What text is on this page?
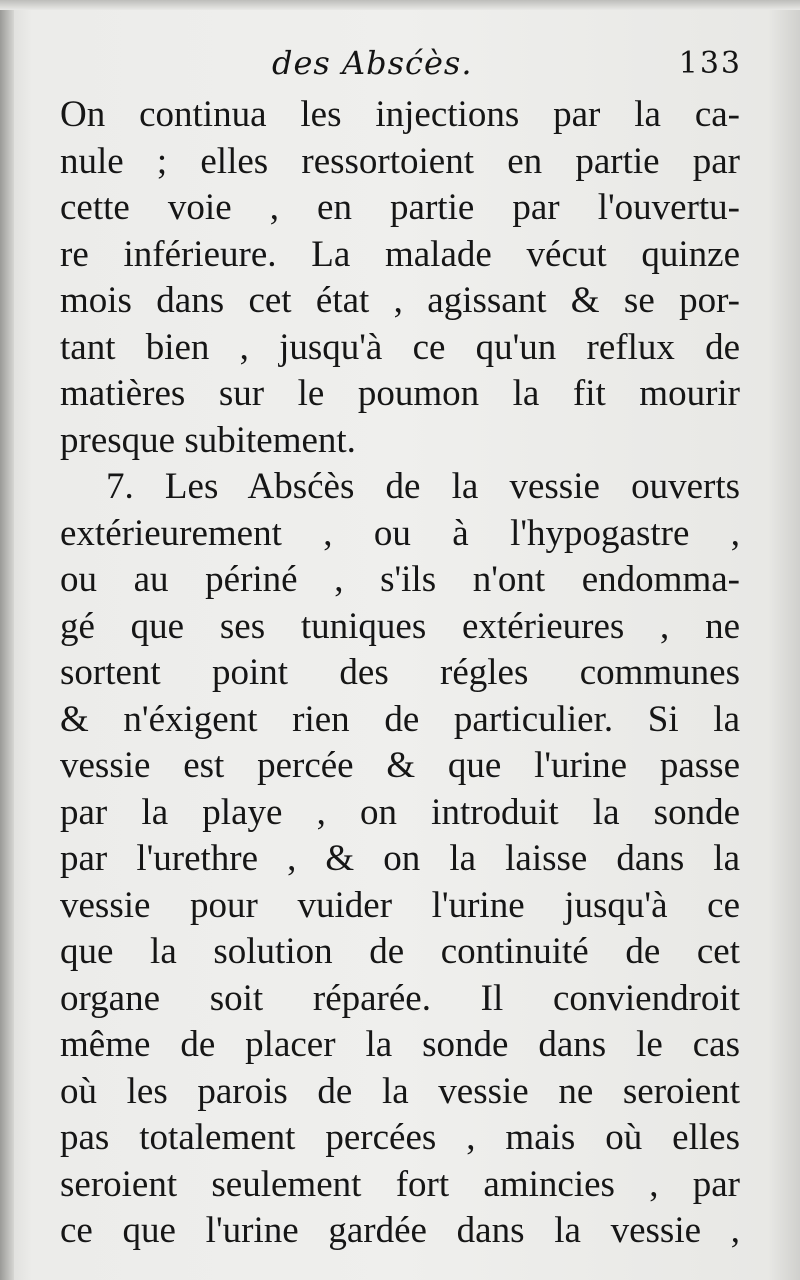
des Absćès.	133
On continua les injections par la ca-
nule ; elles ressortoient en partie par
cette voie , en partie par l'ouvertu-
re inférieure. La malade vécut quinze
mois dans cet état , agissant & se por-
tant bien , jusqu'à ce qu'un reflux de
matières sur le poumon la fit mourir
presque subitement.
7. Les Absćès de la vessie ouverts
extérieurement , ou à l'hypogastre ,
ou au périné , s'ils n'ont endomma-
gé que ses tuniques extérieures , ne
sortent point des régles communes
& n'éxigent rien de particulier. Si la
vessie est percée & que l'urine passe
par la playe , on introduit la sonde
par l'urethre , & on la laisse dans la
vessie pour vuider l'urine jusqu'à ce
que la solution de continuité de cet
organe soit réparée. Il conviendroit
même de placer la sonde dans le cas
où les parois de la vessie ne seroient
pas totalement percées , mais où elles
seroient seulement fort amincies , par
ce que l'urine gardée dans la vessie ,
